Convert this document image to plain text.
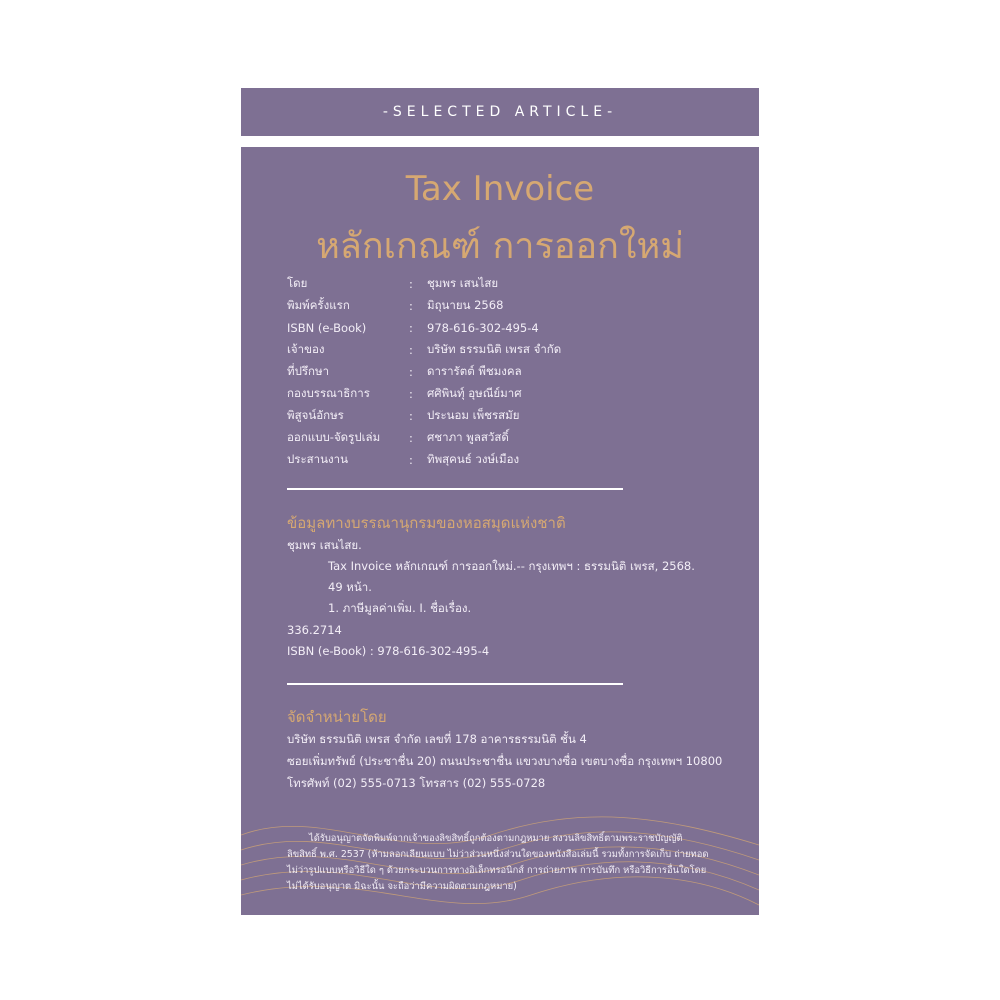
-SELECTED ARTICLE-
Tax Invoice
หลักเกณฑ์ การออกใหม่
โดย	:	ชุมพร เสนไสย
พิมพ์ครั้งแรก	:	มิถุนายน 2568
ISBN (e-Book)	:	978-616-302-495-4
เจ้าของ	:	บริษัท ธรรมนิติ เพรส จำกัด
ที่ปรึกษา	:	ดารารัตต์ พืชมงคล
กองบรรณาธิการ	:	ศศิพินทุ์ อุษณีย์มาศ
พิสูจน์อักษร	:	ประนอม เพ็ชรสมัย
ออกแบบ-จัดรูปเล่ม	:	ศชาภา พูลสวัสดิ์
ประสานงาน	:	ทิพสุคนธ์ วงษ์เมือง
ข้อมูลทางบรรณานุกรมของหอสมุดแห่งชาติ
ชุมพร เสนไสย.
Tax Invoice หลักเกณฑ์ การออกใหม่.-- กรุงเทพฯ : ธรรมนิติ เพรส, 2568.
49 หน้า.
1. ภาษีมูลค่าเพิ่ม. I. ชื่อเรื่อง.
336.2714
ISBN (e-Book) : 978-616-302-495-4
จัดจำหน่ายโดย
บริษัท ธรรมนิติ เพรส จำกัด เลขที่ 178 อาคารธรรมนิติ ชั้น 4
ซอยเพิ่มทรัพย์ (ประชาชื่น 20) ถนนประชาชื่น แขวงบางซื่อ เขตบางซื่อ กรุงเทพฯ 10800
โทรศัพท์ (02) 555-0713 โทรสาร (02) 555-0728

ได้รับอนุญาตจัดพิมพ์จากเจ้าของลิขสิทธิ์ถูกต้องตามกฎหมาย สงวนลิขสิทธิ์ตามพระราชบัญญัติลิขสิทธิ์ พ.ศ. 2537 (ห้ามลอกเลียนแบบ ไม่ว่าส่วนหนึ่งส่วนใดของหนังสือเล่มนี้ รวมทั้งการจัดเก็บ ถ่ายทอด ไม่ว่ารูปแบบหรือวิธีใด ๆ ด้วยกระบวนการทางอิเล็กทรอนิกส์ การถ่ายภาพ การบันทึก หรือวิธีการอื่นใดโดยไม่ได้รับอนุญาต มิฉะนั้น จะถือว่ามีความผิดตามกฎหมาย)
